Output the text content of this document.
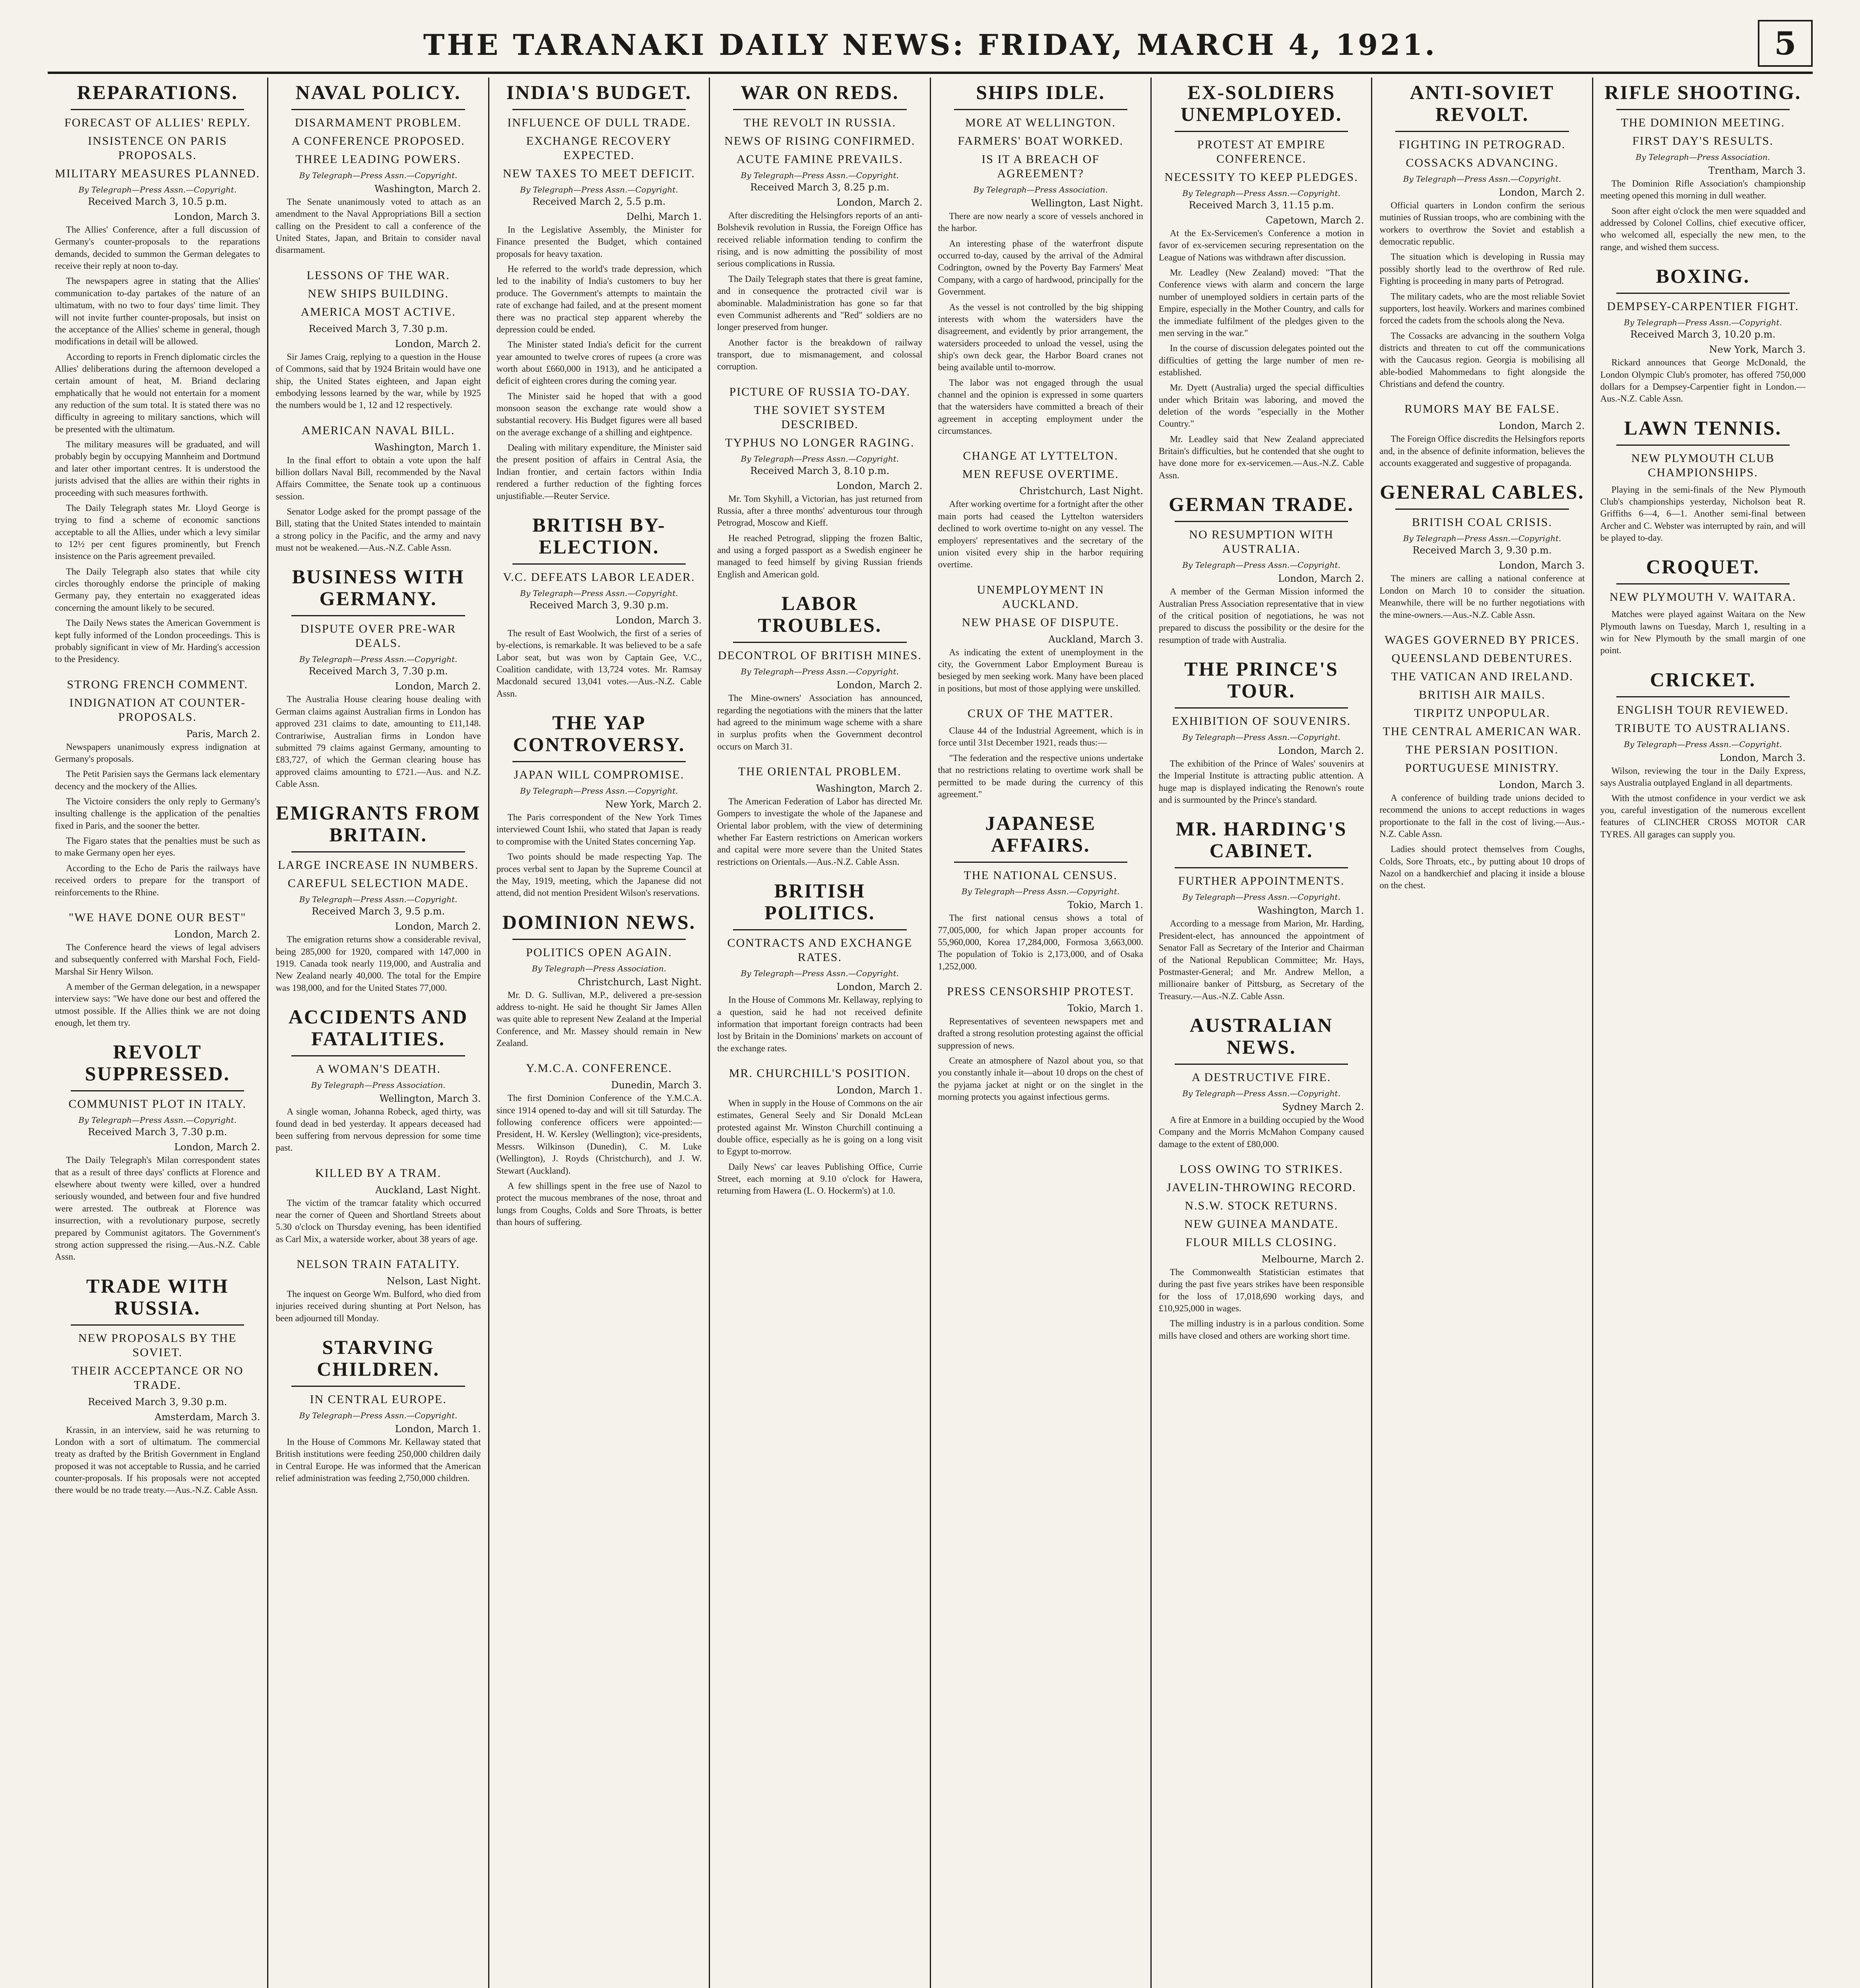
THE TARANAKI DAILY NEWS: FRIDAY, MARCH 4, 1921.	5
REPARATIONS.
FORECAST OF ALLIES' REPLY.
INSISTENCE ON PARIS PROPOSALS.
MILITARY MEASURES PLANNED.
By Telegraph—Press Assn.—Copyright.
Received March 3, 10.5 p.m.
London, March 3.

The Allies' Conference, after a full discussion of Germany's counter-proposals to the reparations demands, decided to summon the German delegates to receive their reply at noon to-day.

The newspapers agree in stating that the Allies' communication to-day partakes of the nature of an ultimatum, with no two to four days' time limit. They will not invite further counter-proposals, but insist on the acceptance of the Allies' scheme in general, though modifications in detail will be allowed.

According to reports in French diplomatic circles the Allies' deliberations during the afternoon developed a certain amount of heat, M. Briand declaring emphatically that he would not entertain for a moment any reduction of the sum total. It is stated there was no difficulty in agreeing to military sanctions, which will be presented with the ultimatum.

The military measures will be graduated, and will probably begin by occupying Mannheim and Dortmund and later other important centres. It is understood the jurists advised that the allies are within their rights in proceeding with such measures forthwith.

The Daily Telegraph states Mr. Lloyd George is trying to find a scheme of economic sanctions acceptable to all the Allies, under which a levy similar to 12½ per cent figures prominently, but French insistence on the Paris agreement prevailed.

The Daily Telegraph also states that while city circles thoroughly endorse the principle of making Germany pay, they entertain no exaggerated ideas concerning the amount likely to be secured.

The Daily News states the American Government is kept fully informed of the London proceedings. This is probably significant in view of Mr. Harding's accession to the Presidency.

STRONG FRENCH COMMENT.
INDIGNATION AT COUNTER-PROPOSALS.
Paris, March 2.

Newspapers unanimously express indignation at Germany's proposals.

The Petit Parisien says the Germans lack elementary decency and the mockery of the Allies.

The Victoire considers the only reply to Germany's insulting challenge is the application of the penalties fixed in Paris, and the sooner the better.

The Figaro states that the penalties must be such as to make Germany open her eyes.

According to the Echo de Paris the railways have received orders to prepare for the transport of reinforcements to the Rhine.

"WE HAVE DONE OUR BEST"
London, March 2.

The Conference heard the views of legal advisers and subsequently conferred with Marshal Foch, Field-Marshal Sir Henry Wilson.

A member of the German delegation, in a newspaper interview says: "We have done our best and offered the utmost possible. If the Allies think we are not doing enough, let them try.

REVOLT SUPPRESSED.
COMMUNIST PLOT IN ITALY.
By Telegraph—Press Assn.—Copyright.
Received March 3, 7.30 p.m.
London, March 2.

The Daily Telegraph's Milan correspondent states that as a result of three days' conflicts at Florence and elsewhere about twenty were killed, over a hundred seriously wounded, and between four and five hundred were arrested. The outbreak at Florence was insurrection, with a revolutionary purpose, secretly prepared by Communist agitators. The Government's strong action suppressed the rising.—Aus.-N.Z. Cable Assn.

TRADE WITH RUSSIA.
NEW PROPOSALS BY THE SOVIET.
THEIR ACCEPTANCE OR NO TRADE.
Received March 3, 9.30 p.m.
Amsterdam, March 3.

Krassin, in an interview, said he was returning to London with a sort of ultimatum. The commercial treaty as drafted by the British Government in England proposed it was not acceptable to Russia, and he carried counter-proposals. If his proposals were not accepted there would be no trade treaty.—Aus.-N.Z. Cable Assn.

NAVAL POLICY.
DISARMAMENT PROBLEM.
A CONFERENCE PROPOSED.
THREE LEADING POWERS.
By Telegraph—Press Assn.—Copyright.
Washington, March 2.

The Senate unanimously voted to attach as an amendment to the Naval Appropriations Bill a section calling on the President to call a conference of the United States, Japan, and Britain to consider naval disarmament.

LESSONS OF THE WAR.
NEW SHIPS BUILDING.
AMERICA MOST ACTIVE.
Received March 3, 7.30 p.m.
London, March 2.

Sir James Craig, replying to a question in the House of Commons, said that by 1924 Britain would have one ship, the United States eighteen, and Japan eight embodying lessons learned by the war, while by 1925 the numbers would be 1, 12 and 12 respectively.

AMERICAN NAVAL BILL.
Washington, March 1.

In the final effort to obtain a vote upon the half billion dollars Naval Bill, recommended by the Naval Affairs Committee, the Senate took up a continuous session.

Senator Lodge asked for the prompt passage of the Bill, stating that the United States intended to maintain a strong policy in the Pacific, and the army and navy must not be weakened.—Aus.-N.Z. Cable Assn.

BUSINESS WITH GERMANY.
DISPUTE OVER PRE-WAR DEALS.
By Telegraph—Press Assn.—Copyright.
Received March 3, 7.30 p.m.
London, March 2.

The Australia House clearing house dealing with German claims against Australian firms in London has approved 231 claims to date, amounting to £11,148. Contrariwise, Australian firms in London have submitted 79 claims against Germany, amounting to £83,727, of which the German clearing house has approved claims amounting to £721.—Aus. and N.Z. Cable Assn.

EMIGRANTS FROM BRITAIN.
LARGE INCREASE IN NUMBERS.
CAREFUL SELECTION MADE.
By Telegraph—Press Assn.—Copyright.
Received March 3, 9.5 p.m.
London, March 2.

The emigration returns show a considerable revival, being 285,000 for 1920, compared with 147,000 in 1919. Canada took nearly 119,000, and Australia and New Zealand nearly 40,000. The total for the Empire was 198,000, and for the United States 77,000.

ACCIDENTS AND FATALITIES.
A WOMAN'S DEATH.
By Telegraph—Press Association.
Wellington, March 3.

A single woman, Johanna Robeck, aged thirty, was found dead in bed yesterday. It appears deceased had been suffering from nervous depression for some time past.

KILLED BY A TRAM.
Auckland, Last Night.

The victim of the tramcar fatality which occurred near the corner of Queen and Shortland Streets about 5.30 o'clock on Thursday evening, has been identified as Carl Mix, a waterside worker, about 38 years of age.

NELSON TRAIN FATALITY.
Nelson, Last Night.

The inquest on George Wm. Bulford, who died from injuries received during shunting at Port Nelson, has been adjourned till Monday.

STARVING CHILDREN.
IN CENTRAL EUROPE.
By Telegraph—Press Assn.—Copyright.
London, March 1.

In the House of Commons Mr. Kellaway stated that British institutions were feeding 250,000 children daily in Central Europe. He was informed that the American relief administration was feeding 2,750,000 children.

INDIA'S BUDGET.
INFLUENCE OF DULL TRADE.
EXCHANGE RECOVERY EXPECTED.
NEW TAXES TO MEET DEFICIT.
By Telegraph—Press Assn.—Copyright.
Received March 2, 5.5 p.m.
Delhi, March 1.

In the Legislative Assembly, the Minister for Finance presented the Budget, which contained proposals for heavy taxation.

He referred to the world's trade depression, which led to the inability of India's customers to buy her produce. The Government's attempts to maintain the rate of exchange had failed, and at the present moment there was no practical step apparent whereby the depression could be ended.

The Minister stated India's deficit for the current year amounted to twelve crores of rupees (a crore was worth about £660,000 in 1913), and he anticipated a deficit of eighteen crores during the coming year.

The Minister said he hoped that with a good monsoon season the exchange rate would show a substantial recovery. His Budget figures were all based on the average exchange of a shilling and eightpence.

Dealing with military expenditure, the Minister said the present position of affairs in Central Asia, the Indian frontier, and certain factors within India rendered a further reduction of the fighting forces unjustifiable.—Reuter Service.

BRITISH BY-ELECTION.
V.C. DEFEATS LABOR LEADER.
By Telegraph—Press Assn.—Copyright.
Received March 3, 9.30 p.m.
London, March 3.

The result of East Woolwich, the first of a series of by-elections, is remarkable. It was believed to be a safe Labor seat, but was won by Captain Gee, V.C., Coalition candidate, with 13,724 votes. Mr. Ramsay Macdonald secured 13,041 votes.—Aus.-N.Z. Cable Assn.

THE YAP CONTROVERSY.
JAPAN WILL COMPROMISE.
By Telegraph—Press Assn.—Copyright.
New York, March 2.

The Paris correspondent of the New York Times interviewed Count Ishii, who stated that Japan is ready to compromise with the United States concerning Yap.

Two points should be made respecting Yap. The proces verbal sent to Japan by the Supreme Council at the May, 1919, meeting, which the Japanese did not attend, did not mention President Wilson's reservations.

DOMINION NEWS.
POLITICS OPEN AGAIN.
By Telegraph—Press Association.
Christchurch, Last Night.

Mr. D. G. Sullivan, M.P., delivered a pre-session address to-night. He said he thought Sir James Allen was quite able to represent New Zealand at the Imperial Conference, and Mr. Massey should remain in New Zealand.

Y.M.C.A. CONFERENCE.
Dunedin, March 3.

The first Dominion Conference of the Y.M.C.A. since 1914 opened to-day and will sit till Saturday. The following conference officers were appointed:—President, H. W. Kersley (Wellington); vice-presidents, Messrs. Wilkinson (Dunedin), C. M. Luke (Wellington), J. Royds (Christchurch), and J. W. Stewart (Auckland).

A few shillings spent in the free use of Nazol to protect the mucous membranes of the nose, throat and lungs from Coughs, Colds and Sore Throats, is better than hours of suffering.

WAR ON REDS.
THE REVOLT IN RUSSIA.
NEWS OF RISING CONFIRMED.
ACUTE FAMINE PREVAILS.
By Telegraph—Press Assn.—Copyright.
Received March 3, 8.25 p.m.
London, March 2.

After discrediting the Helsingfors reports of an anti-Bolshevik revolution in Russia, the Foreign Office has received reliable information tending to confirm the rising, and is now admitting the possibility of most serious complications in Russia.

The Daily Telegraph states that there is great famine, and in consequence the protracted civil war is abominable. Maladministration has gone so far that even Communist adherents and "Red" soldiers are no longer preserved from hunger.

Another factor is the breakdown of railway transport, due to mismanagement, and colossal corruption.

PICTURE OF RUSSIA TO-DAY.
THE SOVIET SYSTEM DESCRIBED.
TYPHUS NO LONGER RAGING.
By Telegraph—Press Assn.—Copyright.
Received March 3, 8.10 p.m.
London, March 2.

Mr. Tom Skyhill, a Victorian, has just returned from Russia, after a three months' adventurous tour through Petrograd, Moscow and Kieff.

He reached Petrograd, slipping the frozen Baltic, and using a forged passport as a Swedish engineer he managed to feed himself by giving Russian friends English and American gold.

LABOR TROUBLES.
DECONTROL OF BRITISH MINES.
By Telegraph—Press Assn.—Copyright.
London, March 2.

The Mine-owners' Association has announced, regarding the negotiations with the miners that the latter had agreed to the minimum wage scheme with a share in surplus profits when the Government decontrol occurs on March 31.

THE ORIENTAL PROBLEM.
Washington, March 2.

The American Federation of Labor has directed Mr. Gompers to investigate the whole of the Japanese and Oriental labor problem, with the view of determining whether Far Eastern restrictions on American workers and capital were more severe than the United States restrictions on Orientals.—Aus.-N.Z. Cable Assn.

BRITISH POLITICS.
CONTRACTS AND EXCHANGE RATES.
By Telegraph—Press Assn.—Copyright.
London, March 2.

In the House of Commons Mr. Kellaway, replying to a question, said he had not received definite information that important foreign contracts had been lost by Britain in the Dominions' markets on account of the exchange rates.

MR. CHURCHILL'S POSITION.
London, March 1.

When in supply in the House of Commons on the air estimates, General Seely and Sir Donald McLean protested against Mr. Winston Churchill continuing a double office, especially as he is going on a long visit to Egypt to-morrow.

Daily News' car leaves Publishing Office, Currie Street, each morning at 9.10 o'clock for Hawera, returning from Hawera (L. O. Hockerm's) at 1.0.

SHIPS IDLE.
MORE AT WELLINGTON.
FARMERS' BOAT WORKED.
IS IT A BREACH OF AGREEMENT?
By Telegraph—Press Association.
Wellington, Last Night.

There are now nearly a score of vessels anchored in the harbor.

An interesting phase of the waterfront dispute occurred to-day, caused by the arrival of the Admiral Codrington, owned by the Poverty Bay Farmers' Meat Company, with a cargo of hardwood, principally for the Government.

As the vessel is not controlled by the big shipping interests with whom the watersiders have the disagreement, and evidently by prior arrangement, the watersiders proceeded to unload the vessel, using the ship's own deck gear, the Harbor Board cranes not being available until to-morrow.

The labor was not engaged through the usual channel and the opinion is expressed in some quarters that the watersiders have committed a breach of their agreement in accepting employment under the circumstances.

CHANGE AT LYTTELTON.
MEN REFUSE OVERTIME.
Christchurch, Last Night.

After working overtime for a fortnight after the other main ports had ceased the Lyttelton watersiders declined to work overtime to-night on any vessel. The employers' representatives and the secretary of the union visited every ship in the harbor requiring overtime.

UNEMPLOYMENT IN AUCKLAND.
NEW PHASE OF DISPUTE.
Auckland, March 3.

As indicating the extent of unemployment in the city, the Government Labor Employment Bureau is besieged by men seeking work. Many have been placed in positions, but most of those applying were unskilled.

CRUX OF THE MATTER.

Clause 44 of the Industrial Agreement, which is in force until 31st December 1921, reads thus:—

"The federation and the respective unions undertake that no restrictions relating to overtime work shall be permitted to be made during the currency of this agreement."

JAPANESE AFFAIRS.
THE NATIONAL CENSUS.
By Telegraph—Press Assn.—Copyright.
Tokio, March 1.

The first national census shows a total of 77,005,000, for which Japan proper accounts for 55,960,000, Korea 17,284,000, Formosa 3,663,000. The population of Tokio is 2,173,000, and of Osaka 1,252,000.

PRESS CENSORSHIP PROTEST.
Tokio, March 1.

Representatives of seventeen newspapers met and drafted a strong resolution protesting against the official suppression of news.

Create an atmosphere of Nazol about you, so that you constantly inhale it—about 10 drops on the chest of the pyjama jacket at night or on the singlet in the morning protects you against infectious germs.

EX-SOLDIERS UNEMPLOYED.
PROTEST AT EMPIRE CONFERENCE.
NECESSITY TO KEEP PLEDGES.
By Telegraph—Press Assn.—Copyright.
Received March 3, 11.15 p.m.
Capetown, March 2.

At the Ex-Servicemen's Conference a motion in favor of ex-servicemen securing representation on the League of Nations was withdrawn after discussion.

Mr. Leadley (New Zealand) moved: "That the Conference views with alarm and concern the large number of unemployed soldiers in certain parts of the Empire, especially in the Mother Country, and calls for the immediate fulfilment of the pledges given to the men serving in the war."

In the course of discussion delegates pointed out the difficulties of getting the large number of men re-established.

Mr. Dyett (Australia) urged the special difficulties under which Britain was laboring, and moved the deletion of the words "especially in the Mother Country."

Mr. Leadley said that New Zealand appreciated Britain's difficulties, but he contended that she ought to have done more for ex-servicemen.—Aus.-N.Z. Cable Assn.

GERMAN TRADE.
NO RESUMPTION WITH AUSTRALIA.
By Telegraph—Press Assn.—Copyright.
London, March 2.

A member of the German Mission informed the Australian Press Association representative that in view of the critical position of negotiations, he was not prepared to discuss the possibility or the desire for the resumption of trade with Australia.

THE PRINCE'S TOUR.
EXHIBITION OF SOUVENIRS.
By Telegraph—Press Assn.—Copyright.
London, March 2.

The exhibition of the Prince of Wales' souvenirs at the Imperial Institute is attracting public attention. A huge map is displayed indicating the Renown's route and is surmounted by the Prince's standard.

MR. HARDING'S CABINET.
FURTHER APPOINTMENTS.
By Telegraph—Press Assn.—Copyright.
Washington, March 1.

According to a message from Marion, Mr. Harding, President-elect, has announced the appointment of Senator Fall as Secretary of the Interior and Chairman of the National Republican Committee; Mr. Hays, Postmaster-General; and Mr. Andrew Mellon, a millionaire banker of Pittsburg, as Secretary of the Treasury.—Aus.-N.Z. Cable Assn.

AUSTRALIAN NEWS.
A DESTRUCTIVE FIRE.
By Telegraph—Press Assn.—Copyright.
Sydney March 2.

A fire at Enmore in a building occupied by the Wood Company and the Morris McMahon Company caused damage to the extent of £80,000.

LOSS OWING TO STRIKES.
JAVELIN-THROWING RECORD.
N.S.W. STOCK RETURNS.
NEW GUINEA MANDATE.
FLOUR MILLS CLOSING.
Melbourne, March 2.

The Commonwealth Statistician estimates that during the past five years strikes have been responsible for the loss of 17,018,690 working days, and £10,925,000 in wages.

The milling industry is in a parlous condition. Some mills have closed and others are working short time.

ANTI-SOVIET REVOLT.
FIGHTING IN PETROGRAD.
COSSACKS ADVANCING.
By Telegraph—Press Assn.—Copyright.
London, March 2.

Official quarters in London confirm the serious mutinies of Russian troops, who are combining with the workers to overthrow the Soviet and establish a democratic republic.

The situation which is developing in Russia may possibly shortly lead to the overthrow of Red rule. Fighting is proceeding in many parts of Petrograd.

The military cadets, who are the most reliable Soviet supporters, lost heavily. Workers and marines combined forced the cadets from the schools along the Neva.

The Cossacks are advancing in the southern Volga districts and threaten to cut off the communications with the Caucasus region. Georgia is mobilising all able-bodied Mahommedans to fight alongside the Christians and defend the country.

RUMORS MAY BE FALSE.
London, March 2.

The Foreign Office discredits the Helsingfors reports and, in the absence of definite information, believes the accounts exaggerated and suggestive of propaganda.

GENERAL CABLES.
BRITISH COAL CRISIS.
By Telegraph—Press Assn.—Copyright.
Received March 3, 9.30 p.m.
London, March 3.

The miners are calling a national conference at London on March 10 to consider the situation. Meanwhile, there will be no further negotiations with the mine-owners.—Aus.-N.Z. Cable Assn.

WAGES GOVERNED BY PRICES.
QUEENSLAND DEBENTURES.
THE VATICAN AND IRELAND.
BRITISH AIR MAILS.
TIRPITZ UNPOPULAR.
THE CENTRAL AMERICAN WAR.
THE PERSIAN POSITION.
PORTUGUESE MINISTRY.
London, March 3.

A conference of building trade unions decided to recommend the unions to accept reductions in wages proportionate to the fall in the cost of living.—Aus.-N.Z. Cable Assn.

Ladies should protect themselves from Coughs, Colds, Sore Throats, etc., by putting about 10 drops of Nazol on a handkerchief and placing it inside a blouse on the chest.

RIFLE SHOOTING.
THE DOMINION MEETING.
FIRST DAY'S RESULTS.
By Telegraph—Press Association.
Trentham, March 3.

The Dominion Rifle Association's championship meeting opened this morning in dull weather.

Soon after eight o'clock the men were squadded and addressed by Colonel Collins, chief executive officer, who welcomed all, especially the new men, to the range, and wished them success.

BOXING.
DEMPSEY-CARPENTIER FIGHT.
By Telegraph—Press Assn.—Copyright.
Received March 3, 10.20 p.m.
New York, March 3.

Rickard announces that George McDonald, the London Olympic Club's promoter, has offered 750,000 dollars for a Dempsey-Carpentier fight in London.—Aus.-N.Z. Cable Assn.

LAWN TENNIS.
NEW PLYMOUTH CLUB CHAMPIONSHIPS.

Playing in the semi-finals of the New Plymouth Club's championships yesterday, Nicholson beat R. Griffiths 6—4, 6—1. Another semi-final between Archer and C. Webster was interrupted by rain, and will be played to-day.

CROQUET.
NEW PLYMOUTH V. WAITARA.

Matches were played against Waitara on the New Plymouth lawns on Tuesday, March 1, resulting in a win for New Plymouth by the small margin of one point.

CRICKET.
ENGLISH TOUR REVIEWED.
TRIBUTE TO AUSTRALIANS.
By Telegraph—Press Assn.—Copyright.
London, March 3.

Wilson, reviewing the tour in the Daily Express, says Australia outplayed England in all departments.

With the utmost confidence in your verdict we ask you, careful investigation of the numerous excellent features of CLINCHER CROSS MOTOR CAR TYRES. All garages can supply you.
